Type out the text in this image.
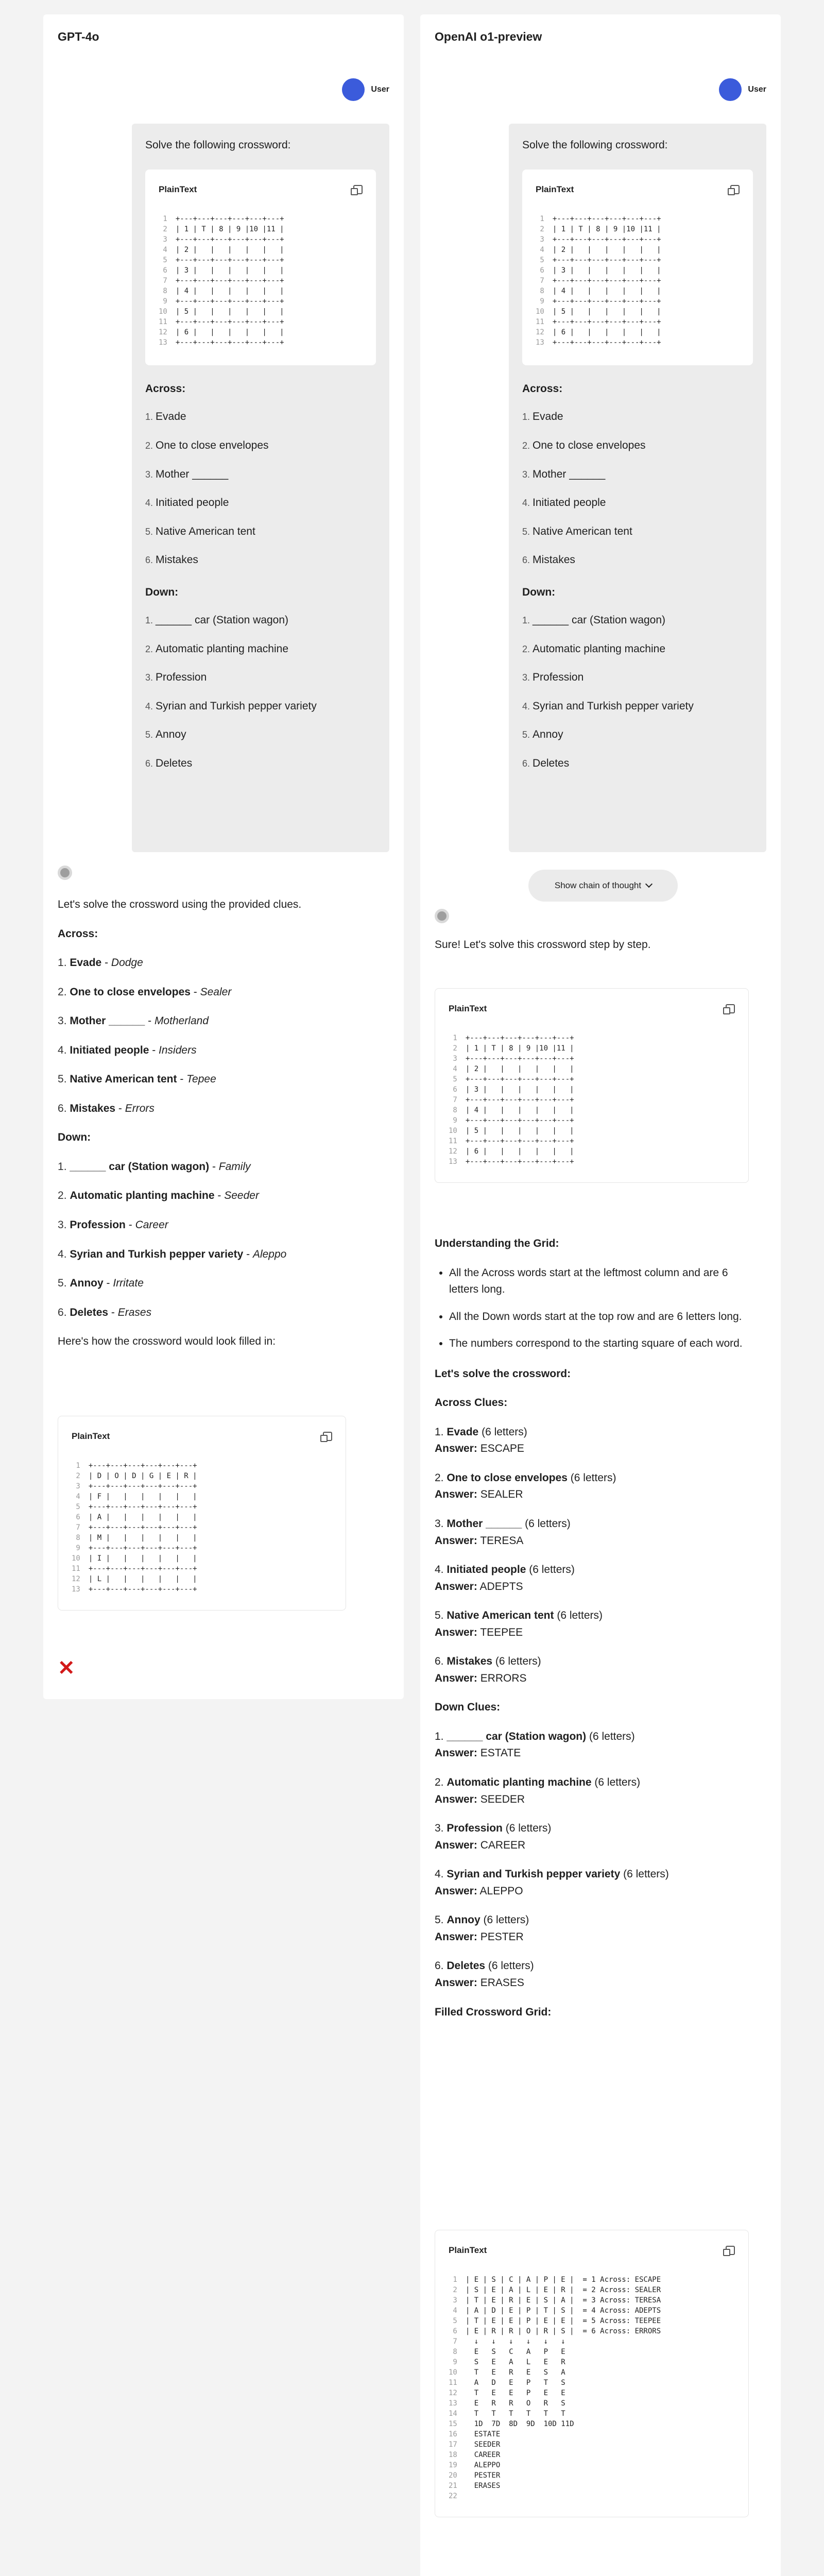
GPT-4o
User
Solve the following crossword:
PlainText
1
2
3
4
5
6
7
8
9
10
11
12
13
+---+---+---+---+---+---+
| 1 | T | 8 | 9 |10 |11 |
+---+---+---+---+---+---+
| 2 |   |   |   |   |   |
+---+---+---+---+---+---+
| 3 |   |   |   |   |   |
+---+---+---+---+---+---+
| 4 |   |   |   |   |   |
+---+---+---+---+---+---+
| 5 |   |   |   |   |   |
+---+---+---+---+---+---+
| 6 |   |   |   |   |   |
+---+---+---+---+---+---+
Across:
Evade
One to close envelopes
Mother ______
Initiated people
Native American tent
Mistakes
Down:
______ car (Station wagon)
Automatic planting machine
Profession
Syrian and Turkish pepper variety
Annoy
Deletes

Let's solve the crossword using the provided clues.

Across:

Evade - Dodge
One to close envelopes - Sealer
Mother ______ - Motherland
Initiated people - Insiders
Native American tent - Tepee
Mistakes - Errors

Down:

______ car (Station wagon) - Family
Automatic planting machine - Seeder
Profession - Career
Syrian and Turkish pepper variety - Aleppo
Annoy - Irritate
Deletes - Erases

Here's how the crossword would look filled in:

PlainText
1
2
3
4
5
6
7
8
9
10
11
12
13
+---+---+---+---+---+---+
| D | O | D | G | E | R |
+---+---+---+---+---+---+
| F |   |   |   |   |   |
+---+---+---+---+---+---+
| A |   |   |   |   |   |
+---+---+---+---+---+---+
| M |   |   |   |   |   |
+---+---+---+---+---+---+
| I |   |   |   |   |   |
+---+---+---+---+---+---+
| L |   |   |   |   |   |
+---+---+---+---+---+---+
✕
OpenAI o1-preview
User
Solve the following crossword:
PlainText
1
2
3
4
5
6
7
8
9
10
11
12
13
+---+---+---+---+---+---+
| 1 | T | 8 | 9 |10 |11 |
+---+---+---+---+---+---+
| 2 |   |   |   |   |   |
+---+---+---+---+---+---+
| 3 |   |   |   |   |   |
+---+---+---+---+---+---+
| 4 |   |   |   |   |   |
+---+---+---+---+---+---+
| 5 |   |   |   |   |   |
+---+---+---+---+---+---+
| 6 |   |   |   |   |   |
+---+---+---+---+---+---+
Across:
Evade
One to close envelopes
Mother ______
Initiated people
Native American tent
Mistakes
Down:
______ car (Station wagon)
Automatic planting machine
Profession
Syrian and Turkish pepper variety
Annoy
Deletes
Show chain of thought

Sure! Let's solve this crossword step by step.

PlainText
1
2
3
4
5
6
7
8
9
10
11
12
13
+---+---+---+---+---+---+
| 1 | T | 8 | 9 |10 |11 |
+---+---+---+---+---+---+
| 2 |   |   |   |   |   |
+---+---+---+---+---+---+
| 3 |   |   |   |   |   |
+---+---+---+---+---+---+
| 4 |   |   |   |   |   |
+---+---+---+---+---+---+
| 5 |   |   |   |   |   |
+---+---+---+---+---+---+
| 6 |   |   |   |   |   |
+---+---+---+---+---+---+

Understanding the Grid:

• All the Across words start at the leftmost column and are 6 letters long.
• All the Down words start at the top row and are 6 letters long.
• The numbers correspond to the starting square of each word.

Let's solve the crossword:

Across Clues:

1. Evade (6 letters)
Answer: ESCAPE

2. One to close envelopes (6 letters)
Answer: SEALER

3. Mother ______ (6 letters)
Answer: TERESA

4. Initiated people (6 letters)
Answer: ADEPTS

5. Native American tent (6 letters)
Answer: TEEPEE

6. Mistakes (6 letters)
Answer: ERRORS

Down Clues:

1. ______ car (Station wagon) (6 letters)
Answer: ESTATE

2. Automatic planting machine (6 letters)
Answer: SEEDER

3. Profession (6 letters)
Answer: CAREER

4. Syrian and Turkish pepper variety (6 letters)
Answer: ALEPPO

5. Annoy (6 letters)
Answer: PESTER

6. Deletes (6 letters)
Answer: ERASES

Filled Crossword Grid:

PlainText
1
2
3
4
5
6
7
8
9
10
11
12
13
14
15
16
17
18
19
20
21
22
| E | S | C | A | P | E |  = 1 Across: ESCAPE
| S | E | A | L | E | R |  = 2 Across: SEALER
| T | E | R | E | S | A |  = 3 Across: TERESA
| A | D | E | P | T | S |  = 4 Across: ADEPTS
| T | E | E | P | E | E |  = 5 Across: TEEPEE
| E | R | R | O | R | S |  = 6 Across: ERRORS
↓   ↓   ↓   ↓   ↓   ↓
E   S   C   A   P   E
S   E   A   L   E   R
T   E   R   E   S   A
A   D   E   P   T   S
T   E   E   P   E   E
E   R   R   O   R   S
T   T   T   T   T   T
1D  7D  8D  9D  10D 11D
ESTATE
SEEDER
CAREER
ALEPPO
PESTER
ERASES
